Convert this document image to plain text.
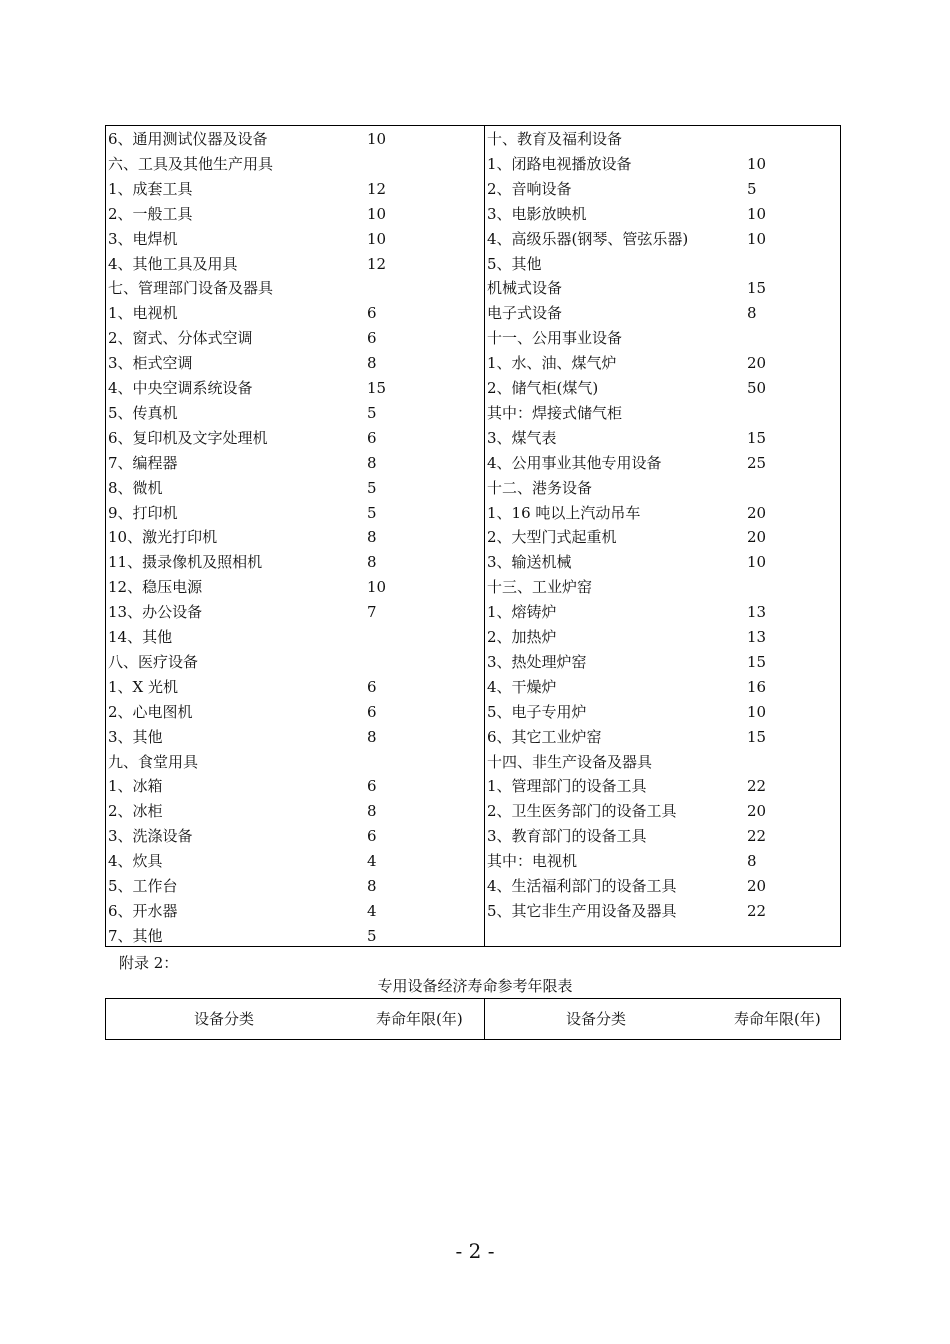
6、通用测试仪器及设备	10
六、工具及其他生产用具
1、成套工具	12
2、一般工具	10
3、电焊机	10
4、其他工具及用具	12
七、管理部门设备及器具
1、电视机	6
2、窗式、分体式空调	6
3、柜式空调	8
4、中央空调系统设备	15
5、传真机	5
6、复印机及文字处理机	6
7、编程器	8
8、微机	5
9、打印机	5
10、激光打印机	8
11、摄录像机及照相机	8
12、稳压电源	10
13、办公设备	7
14、其他
八、医疗设备
1、X 光机	6
2、心电图机	6
3、其他	8
九、食堂用具
1、冰箱	6
2、冰柜	8
3、洗涤设备	6
4、炊具	4
5、工作台	8
6、开水器	4
7、其他	5
十、教育及福利设备
1、闭路电视播放设备	10
2、音响设备	5
3、电影放映机	10
4、高级乐器(钢琴、管弦乐器)	10
5、其他
机械式设备	15
电子式设备	8
十一、公用事业设备
1、水、油、煤气炉	20
2、储气柜(煤气)	50
其中：焊接式储气柜
3、煤气表	15
4、公用事业其他专用设备	25
十二、港务设备
1、16 吨以上汽动吊车	20
2、大型门式起重机	20
3、输送机械	10
十三、工业炉窑
1、熔铸炉	13
2、加热炉	13
3、热处理炉窑	15
4、干燥炉	16
5、电子专用炉	10
6、其它工业炉窑	15
十四、非生产设备及器具
1、管理部门的设备工具	22
2、卫生医务部门的设备工具	20
3、教育部门的设备工具	22
其中：电视机	8
4、生活福利部门的设备工具	20
5、其它非生产用设备及器具	22
附录 2：
专用设备经济寿命参考年限表
设备分类	寿命年限(年)	设备分类	寿命年限(年)
- 2 -
